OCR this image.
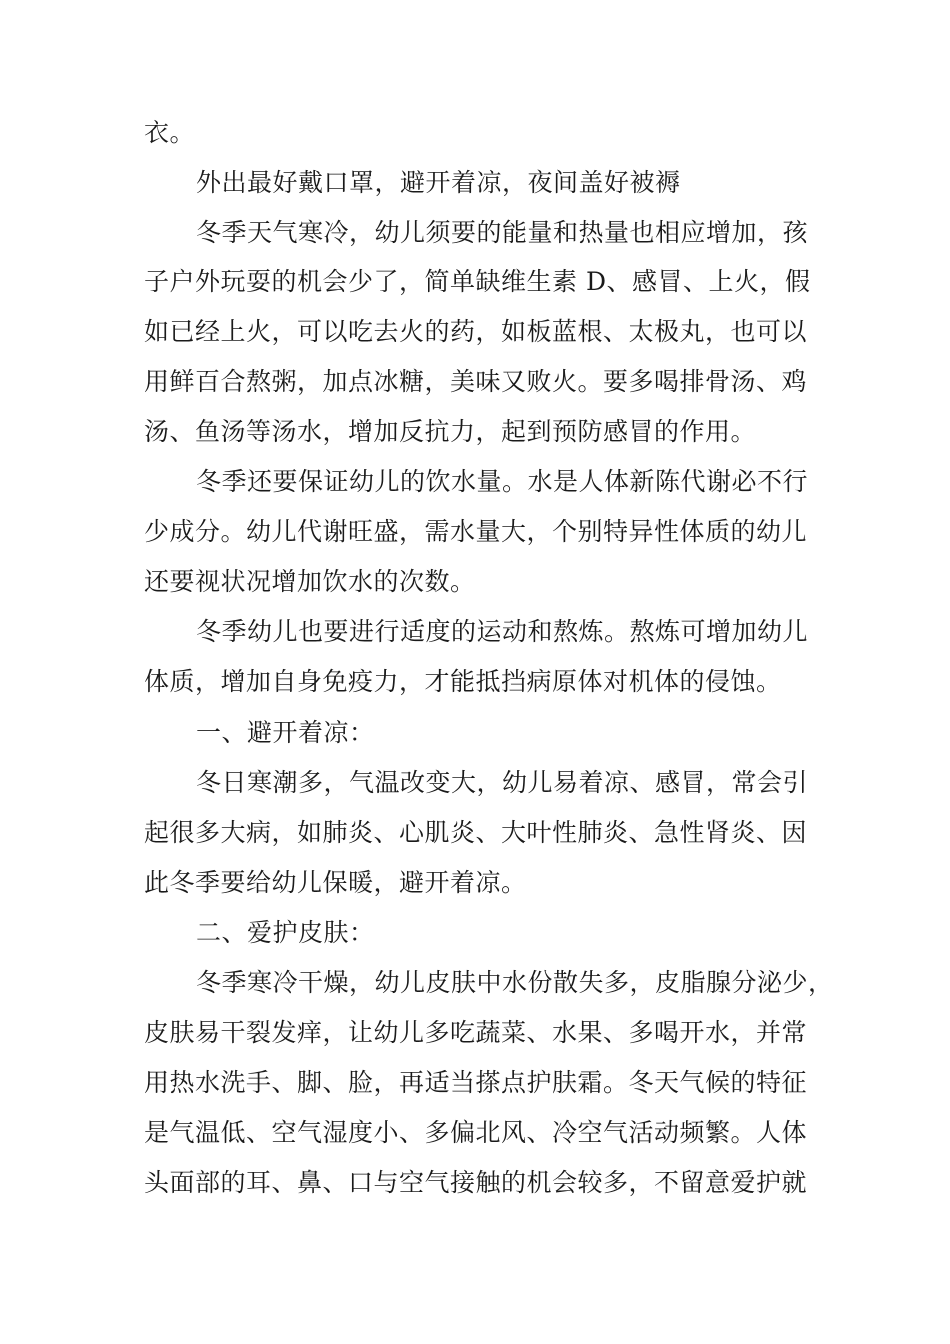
衣。
外出最好戴口罩，避开着凉，夜间盖好被褥
冬季天气寒冷，幼儿须要的能量和热量也相应增加，孩
子户外玩耍的机会少了，简单缺维生素 D、感冒、上火，假
如已经上火，可以吃去火的药，如板蓝根、太极丸，也可以
用鲜百合熬粥，加点冰糖，美味又败火。要多喝排骨汤、鸡
汤、鱼汤等汤水，增加反抗力，起到预防感冒的作用。
冬季还要保证幼儿的饮水量。水是人体新陈代谢必不行
少成分。幼儿代谢旺盛，需水量大，个别特异性体质的幼儿
还要视状况增加饮水的次数。
冬季幼儿也要进行适度的运动和熬炼。熬炼可增加幼儿
体质，增加自身免疫力，才能抵挡病原体对机体的侵蚀。
一、避开着凉：
冬日寒潮多，气温改变大，幼儿易着凉、感冒，常会引
起很多大病，如肺炎、心肌炎、大叶性肺炎、急性肾炎、因
此冬季要给幼儿保暖，避开着凉。
二、爱护皮肤：
冬季寒冷干燥，幼儿皮肤中水份散失多，皮脂腺分泌少，
皮肤易干裂发痒，让幼儿多吃蔬菜、水果、多喝开水，并常
用热水洗手、脚、脸，再适当搽点护肤霜。冬天气候的特征
是气温低、空气湿度小、多偏北风、冷空气活动频繁。人体
头面部的耳、鼻、口与空气接触的机会较多，不留意爱护就
